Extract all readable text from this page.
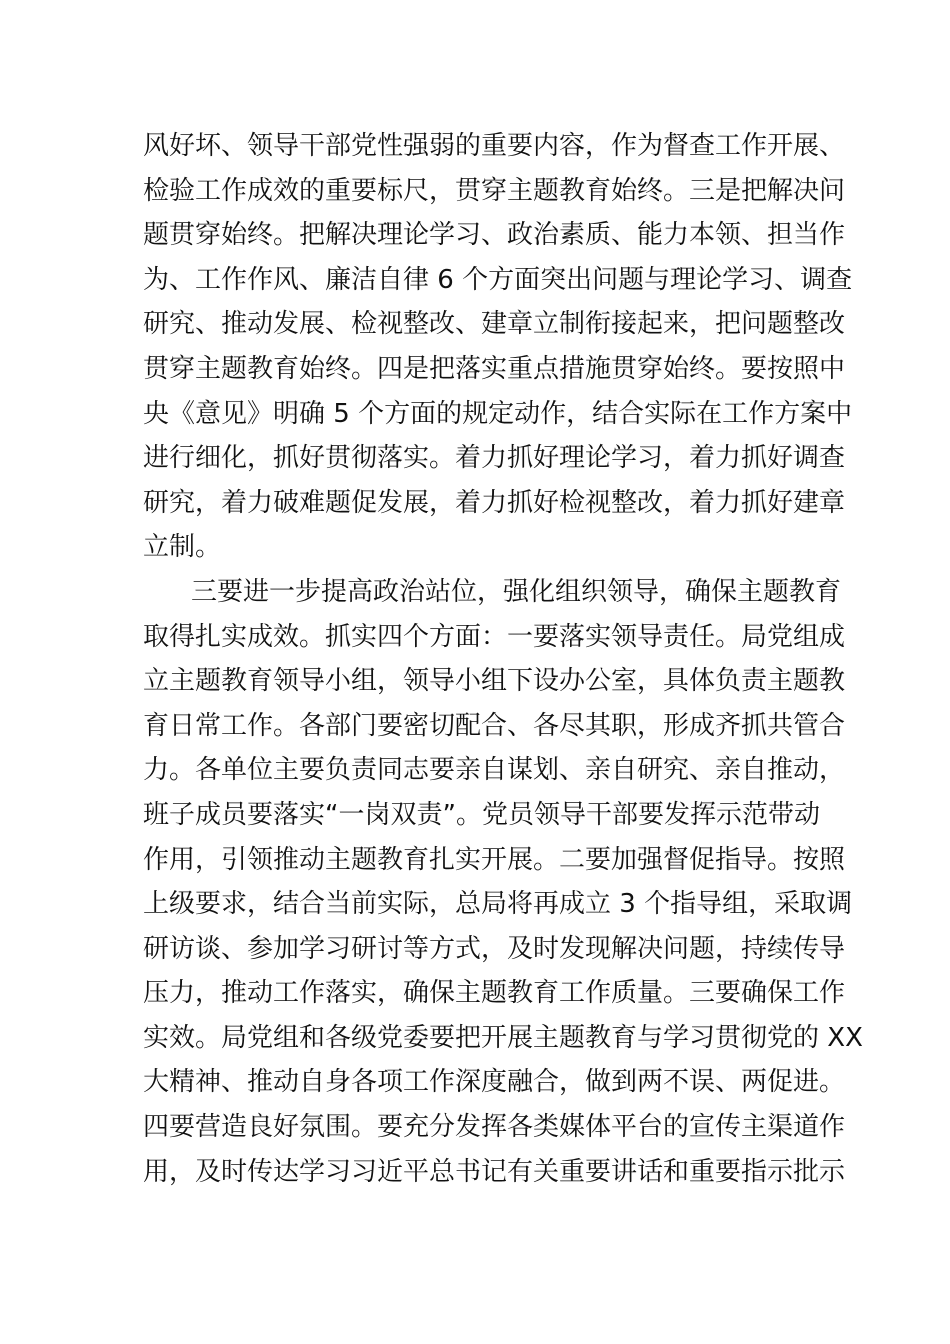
风好坏、领导干部党性强弱的重要内容，作为督查工作开展、
检验工作成效的重要标尺，贯穿主题教育始终。三是把解决问
题贯穿始终。把解决理论学习、政治素质、能力本领、担当作
为、工作作风、廉洁自律 6 个方面突出问题与理论学习、调查
研究、推动发展、检视整改、建章立制衔接起来，把问题整改
贯穿主题教育始终。四是把落实重点措施贯穿始终。要按照中
央《意见》明确 5 个方面的规定动作，结合实际在工作方案中
进行细化，抓好贯彻落实。着力抓好理论学习，着力抓好调查
研究，着力破难题促发展，着力抓好检视整改，着力抓好建章
立制。
三要进一步提高政治站位，强化组织领导，确保主题教育
取得扎实成效。抓实四个方面：一要落实领导责任。局党组成
立主题教育领导小组，领导小组下设办公室，具体负责主题教
育日常工作。各部门要密切配合、各尽其职，形成齐抓共管合
力。各单位主要负责同志要亲自谋划、亲自研究、亲自推动，
班子成员要落实“一岗双责”。党员领导干部要发挥示范带动
作用，引领推动主题教育扎实开展。二要加强督促指导。按照
上级要求，结合当前实际，总局将再成立 3 个指导组，采取调
研访谈、参加学习研讨等方式，及时发现解决问题，持续传导
压力，推动工作落实，确保主题教育工作质量。三要确保工作
实效。局党组和各级党委要把开展主题教育与学习贯彻党的 XX
大精神、推动自身各项工作深度融合，做到两不误、两促进。
四要营造良好氛围。要充分发挥各类媒体平台的宣传主渠道作
用，及时传达学习习近平总书记有关重要讲话和重要指示批示
